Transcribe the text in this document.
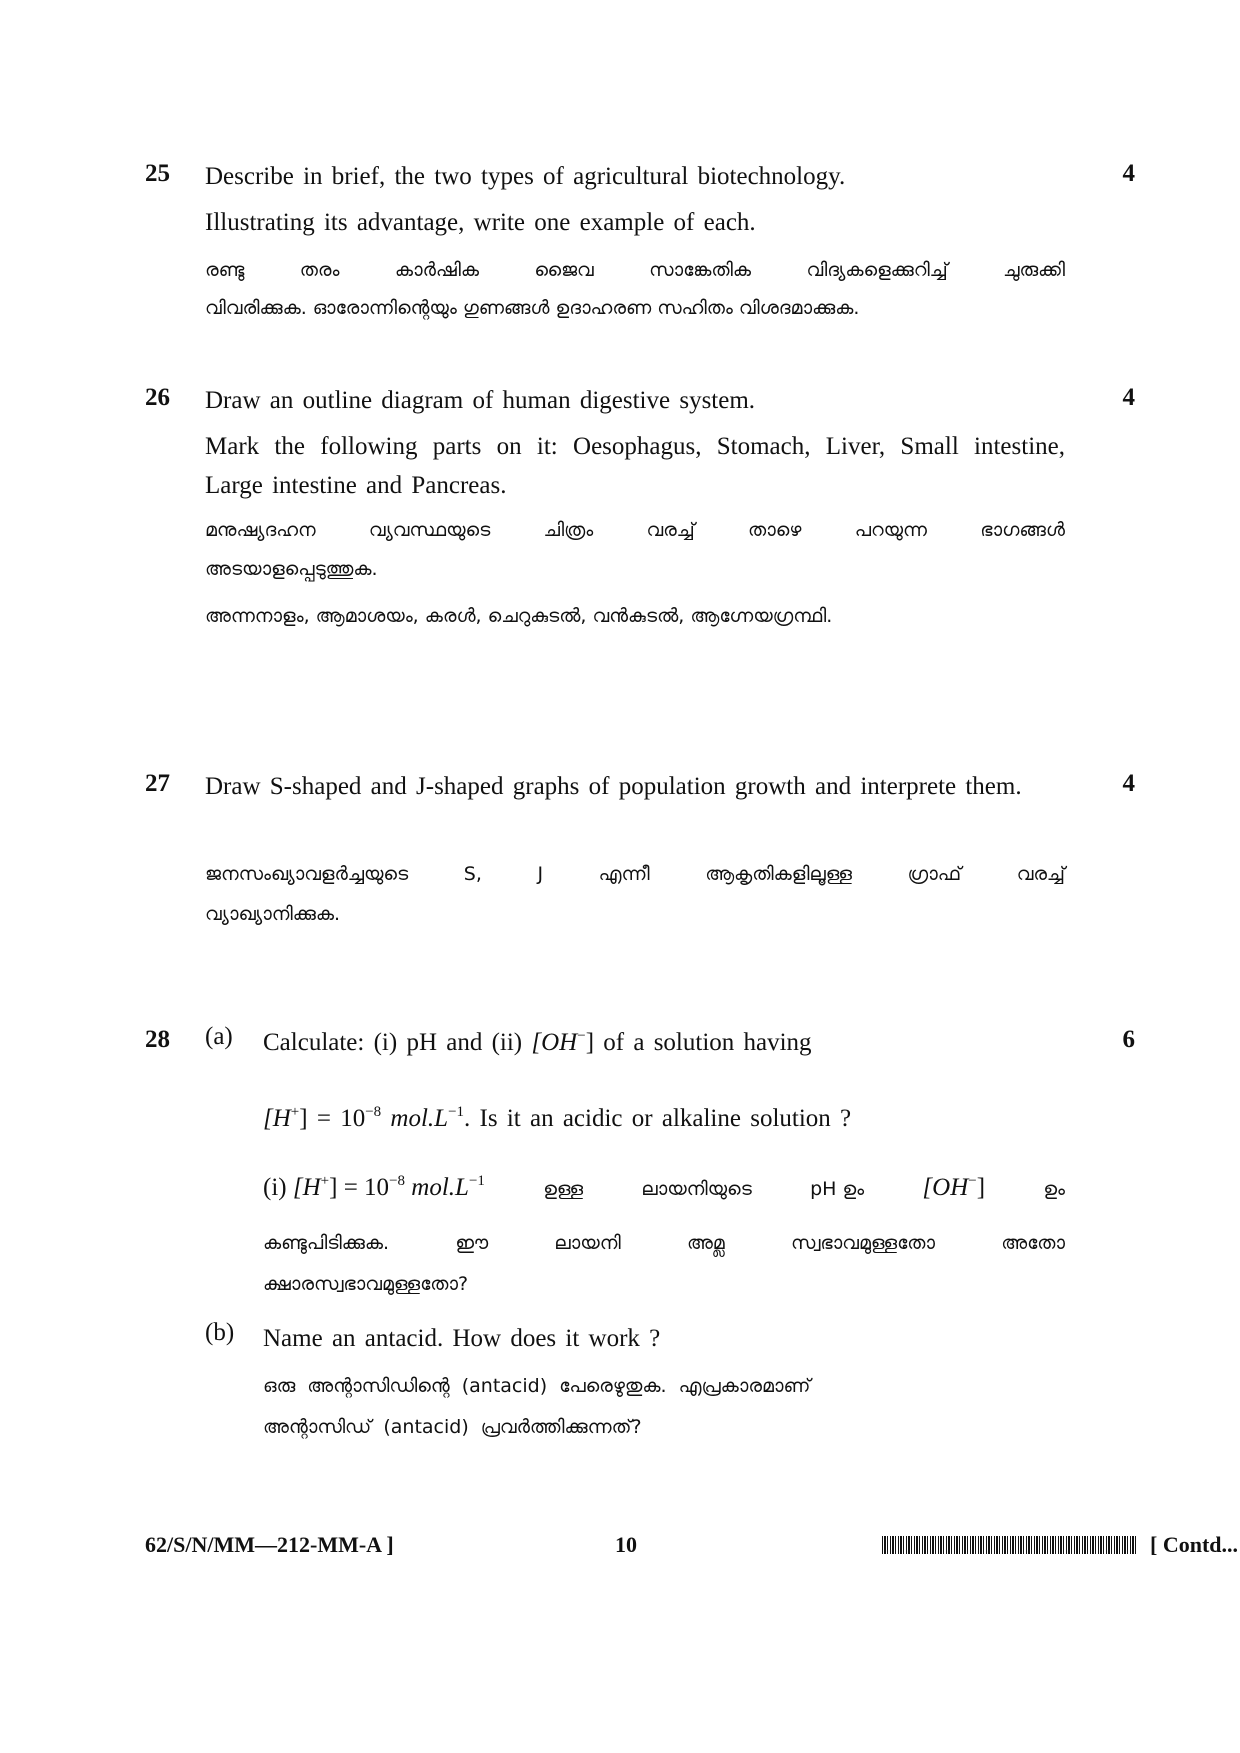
25	4
Describe in brief, the two types of agricultural biotechnology.
Illustrating its advantage, write one example of each.
രണ്ടു തരം കാർഷിക ജൈവ സാങ്കേതിക വിദ്യകളെക്കുറിച്ച് ചുരുക്കി
വിവരിക്കുക. ഓരോന്നിന്റെയും ഗുണങ്ങൾ ഉദാഹരണ സഹിതം വിശദമാക്കുക.
26	4
Draw an outline diagram of human digestive system.
Mark the following parts on it: Oesophagus, Stomach, Liver, Small intestine, Large intestine and Pancreas.
മനുഷ്യദഹന വ്യവസ്ഥയുടെ ചിത്രം വരച്ച് താഴെ പറയുന്ന ഭാഗങ്ങൾ
അടയാളപ്പെടുത്തുക.
അന്നനാളം, ആമാശയം, കരൾ, ചെറുകുടൽ, വൻകുടൽ, ആഗ്നേയഗ്രന്ഥി.
27	4
Draw S-shaped and J-shaped graphs of population growth and interprete them.
ജനസംഖ്യാവളർച്ചയുടെ S, J എന്നീ ആകൃതികളിലൂള്ള ഗ്രാഫ് വരച്ച്
വ്യാഖ്യാനിക്കുക.
28	6
(a) Calculate: (i) pH and (ii) [OH−] of a solution having
$[H^+] = 10^{-8}$ $mol.L^{-1}$. Is it an acidic or alkaline solution ?
(i) $[H^+] = 10^{-8}$ $mol.L^{-1}$	ഉള്ള	ലായനിയുടെ	pH ഉം [OH−]	ഉം
കണ്ടുപിടിക്കുക. ഈ ലായനി അമ്ല സ്വഭാവമുള്ളതോ അതോ
ക്ഷാരസ്വഭാവമുള്ളതോ?
(b) Name an antacid. How does it work ?
ഒരു അന്റാസിഡിന്റെ (antacid) പേരെഴുതുക. എപ്രകാരമാണ്
അന്റാസിഡ് (antacid) പ്രവർത്തിക്കുന്നത്?
62/S/N/MM—212-MM-A ]	10	[ Contd...
